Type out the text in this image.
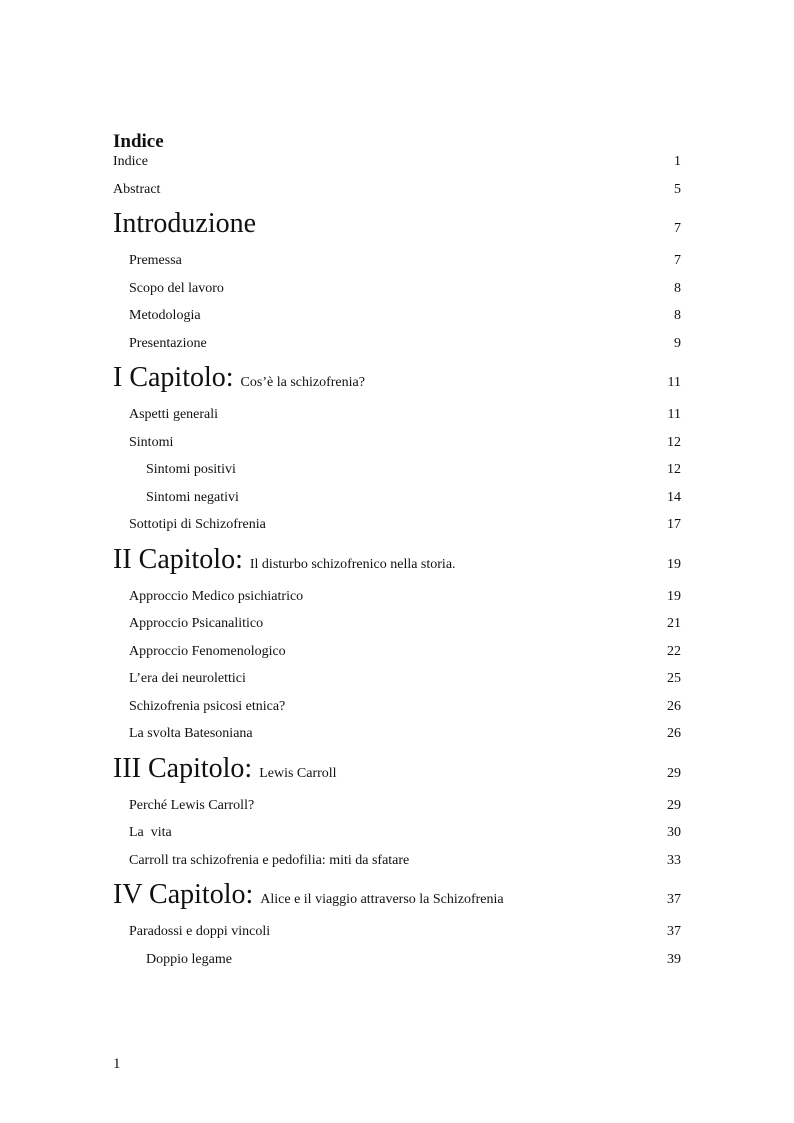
Indice
Indice	1
Abstract	5
Introduzione	7
Premessa	7
Scopo del lavoro	8
Metodologia	8
Presentazione	9
I Capitolo: Cos’è la schizofrenia?	11
Aspetti generali	11
Sintomi	12
Sintomi positivi	12
Sintomi negativi	14
Sottotipi di Schizofrenia	17
II Capitolo: Il disturbo schizofrenico nella storia.	19
Approccio Medico psichiatrico	19
Approccio Psicanalitico	21
Approccio Fenomenologico	22
L’era dei neurolettici	25
Schizofrenia psicosi etnica?	26
La svolta Batesoniana	26
III Capitolo: Lewis Carroll	29
Perché Lewis Carroll?	29
La  vita	30
Carroll tra schizofrenia e pedofilia: miti da sfatare	33
IV Capitolo: Alice e il viaggio attraverso la Schizofrenia	37
Paradossi e doppi vincoli	37
Doppio legame	39
1
